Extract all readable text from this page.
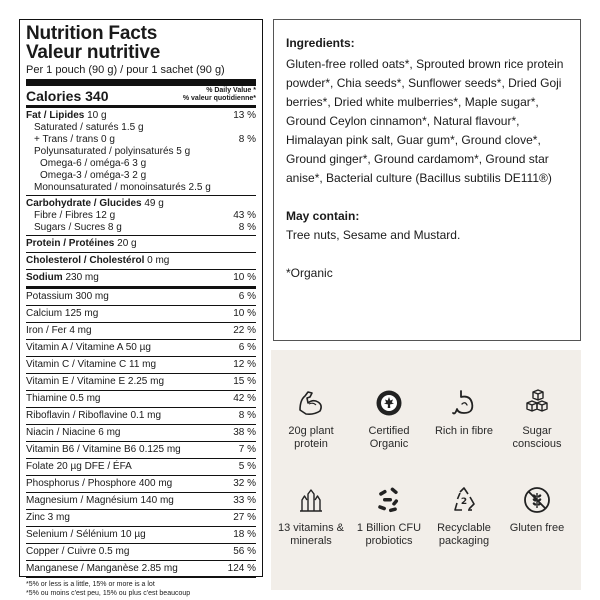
Nutrition Facts
Valeur nutritive
Per 1 pouch (90 g) / pour 1 sachet (90 g)
Calories 340	% Daily Value *
% valeur quotidienne*
Fat / Lipides 10 g	13 %
Saturated / saturés 1.5 g
+ Trans / trans 0 g	8 %
Polyunsaturated / polyinsaturés 5 g
Omega-6 / oméga-6 3 g
Omega-3 / oméga-3 2 g
Monounsaturated / monoinsaturés 2.5 g
Carbohydrate / Glucides 49 g
Fibre / Fibres 12 g	43 %
Sugars / Sucres 8 g	8 %
Protein / Protéines 20 g
Cholesterol / Cholestérol 0 mg
Sodium 230 mg	10 %
Potassium 300 mg	6 %
Calcium 125 mg	10 %
Iron / Fer 4 mg	22 %
Vitamin A / Vitamine A 50 µg	6 %
Vitamin C / Vitamine C 11 mg	12 %
Vitamin E / Vitamine E 2.25 mg	15 %
Thiamine 0.5 mg	42 %
Riboflavin / Riboflavine 0.1 mg	8 %
Niacin / Niacine 6 mg	38 %
Vitamin B6 / Vitamine B6 0.125 mg	7 %
Folate 20 µg DFE / ÉFA	5 %
Phosphorus / Phosphore 400 mg	32 %
Magnesium / Magnésium 140 mg	33 %
Zinc 3 mg	27 %
Selenium / Sélénium 10 µg	18 %
Copper / Cuivre 0.5 mg	56 %
Manganese / Manganèse 2.85 mg	124 %
*5% or less is a little, 15% or more is a lot
*5% ou moins c'est peu, 15% ou plus c'est beaucoup
Ingredients:

Gluten-free rolled oats*, Sprouted brown rice protein powder*, Chia seeds*, Sunflower seeds*, Dried Goji berries*, Dried white mulberries*, Maple sugar*, Ground Ceylon cinnamon*, Natural flavour*, Himalayan pink salt, Guar gum*, Ground clove*, Ground ginger*, Ground cardamom*, Ground star anise*, Bacterial culture (Bacillus subtilis DE111®)

May contain:
Tree nuts, Sesame and Mustard.
*Organic
20g plant protein
Certified Organic
Rich in fibre	Sugar conscious
13 vitamins & minerals
1 Billion CFU probiotics
2
Recyclable packaging
Gluten free
